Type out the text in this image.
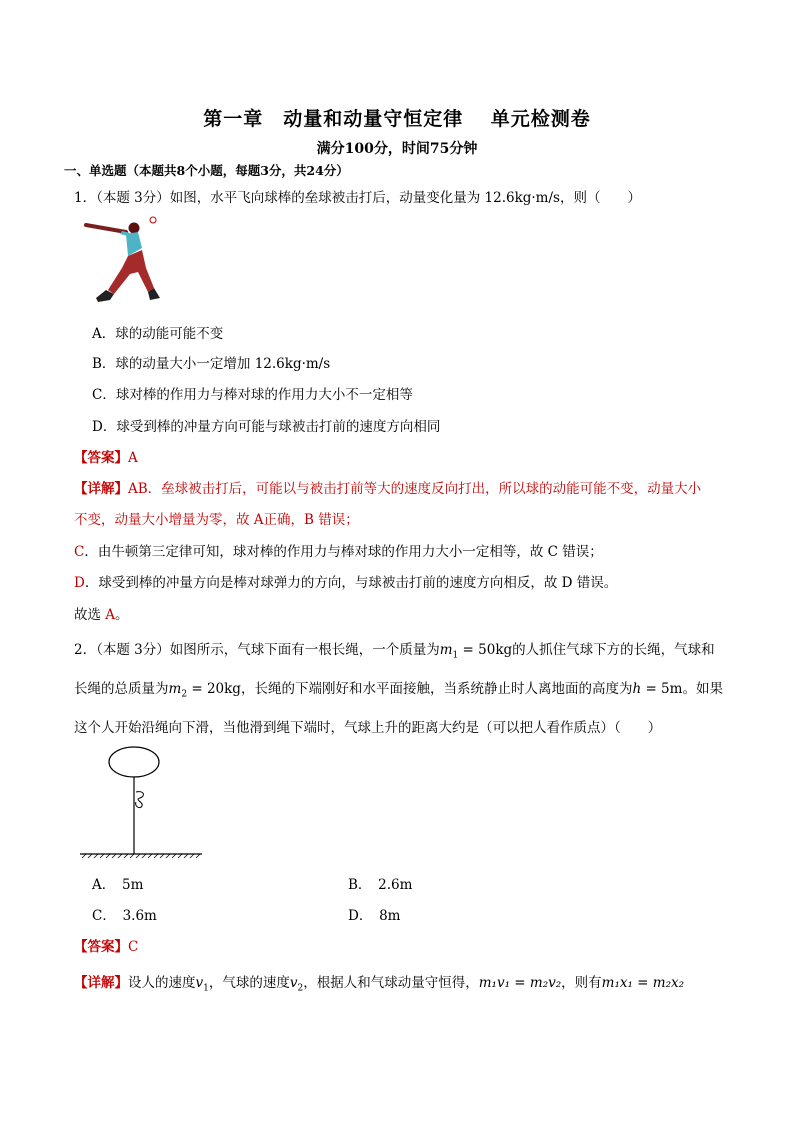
第一章　动量和动量守恒定律　 单元检测卷
满分100分，时间75分钟
一、单选题（本题共8个小题，每题3分，共24分）
1．（本题 3分）如图，水平飞向球棒的垒球被击打后，动量变化量为 12.6kg·m/s，则（　　）
A．球的动能可能不变
B．球的动量大小一定增加 12.6kg·m/s
C．球对棒的作用力与棒对球的作用力大小不一定相等
D．球受到棒的冲量方向可能与球被击打前的速度方向相同
【答案】A
【详解】AB．垒球被击打后，可能以与被击打前等大的速度反向打出，所以球的动能可能不变，动量大小
不变，动量大小增量为零，故 A正确，B 错误；
C．由牛顿第三定律可知，球对棒的作用力与棒对球的作用力大小一定相等，故 C 错误；
D．球受到棒的冲量方向是棒对球弹力的方向，与球被击打前的速度方向相反，故 D 错误。
故选 A。
2．（本题 3分）如图所示，气球下面有一根长绳，一个质量为$m_1 = 50kg$的人抓住气球下方的长绳，气球和
长绳的总质量为$m_2 = 20kg$，长绳的下端刚好和水平面接触，当系统静止时人离地面的高度为h = 5m。如果
这个人开始沿绳向下滑，当他滑到绳下端时，气球上升的距离大约是（可以把人看作质点）（　　）
A．　5m	B．　2.6m
C．　3.6m	D．　8m
【答案】C
【详解】设人的速度$v_1$，气球的速度$v_2$，根据人和气球动量守恒得，m₁v₁ = m₂v₂，则有m₁x₁ = m₂x₂
